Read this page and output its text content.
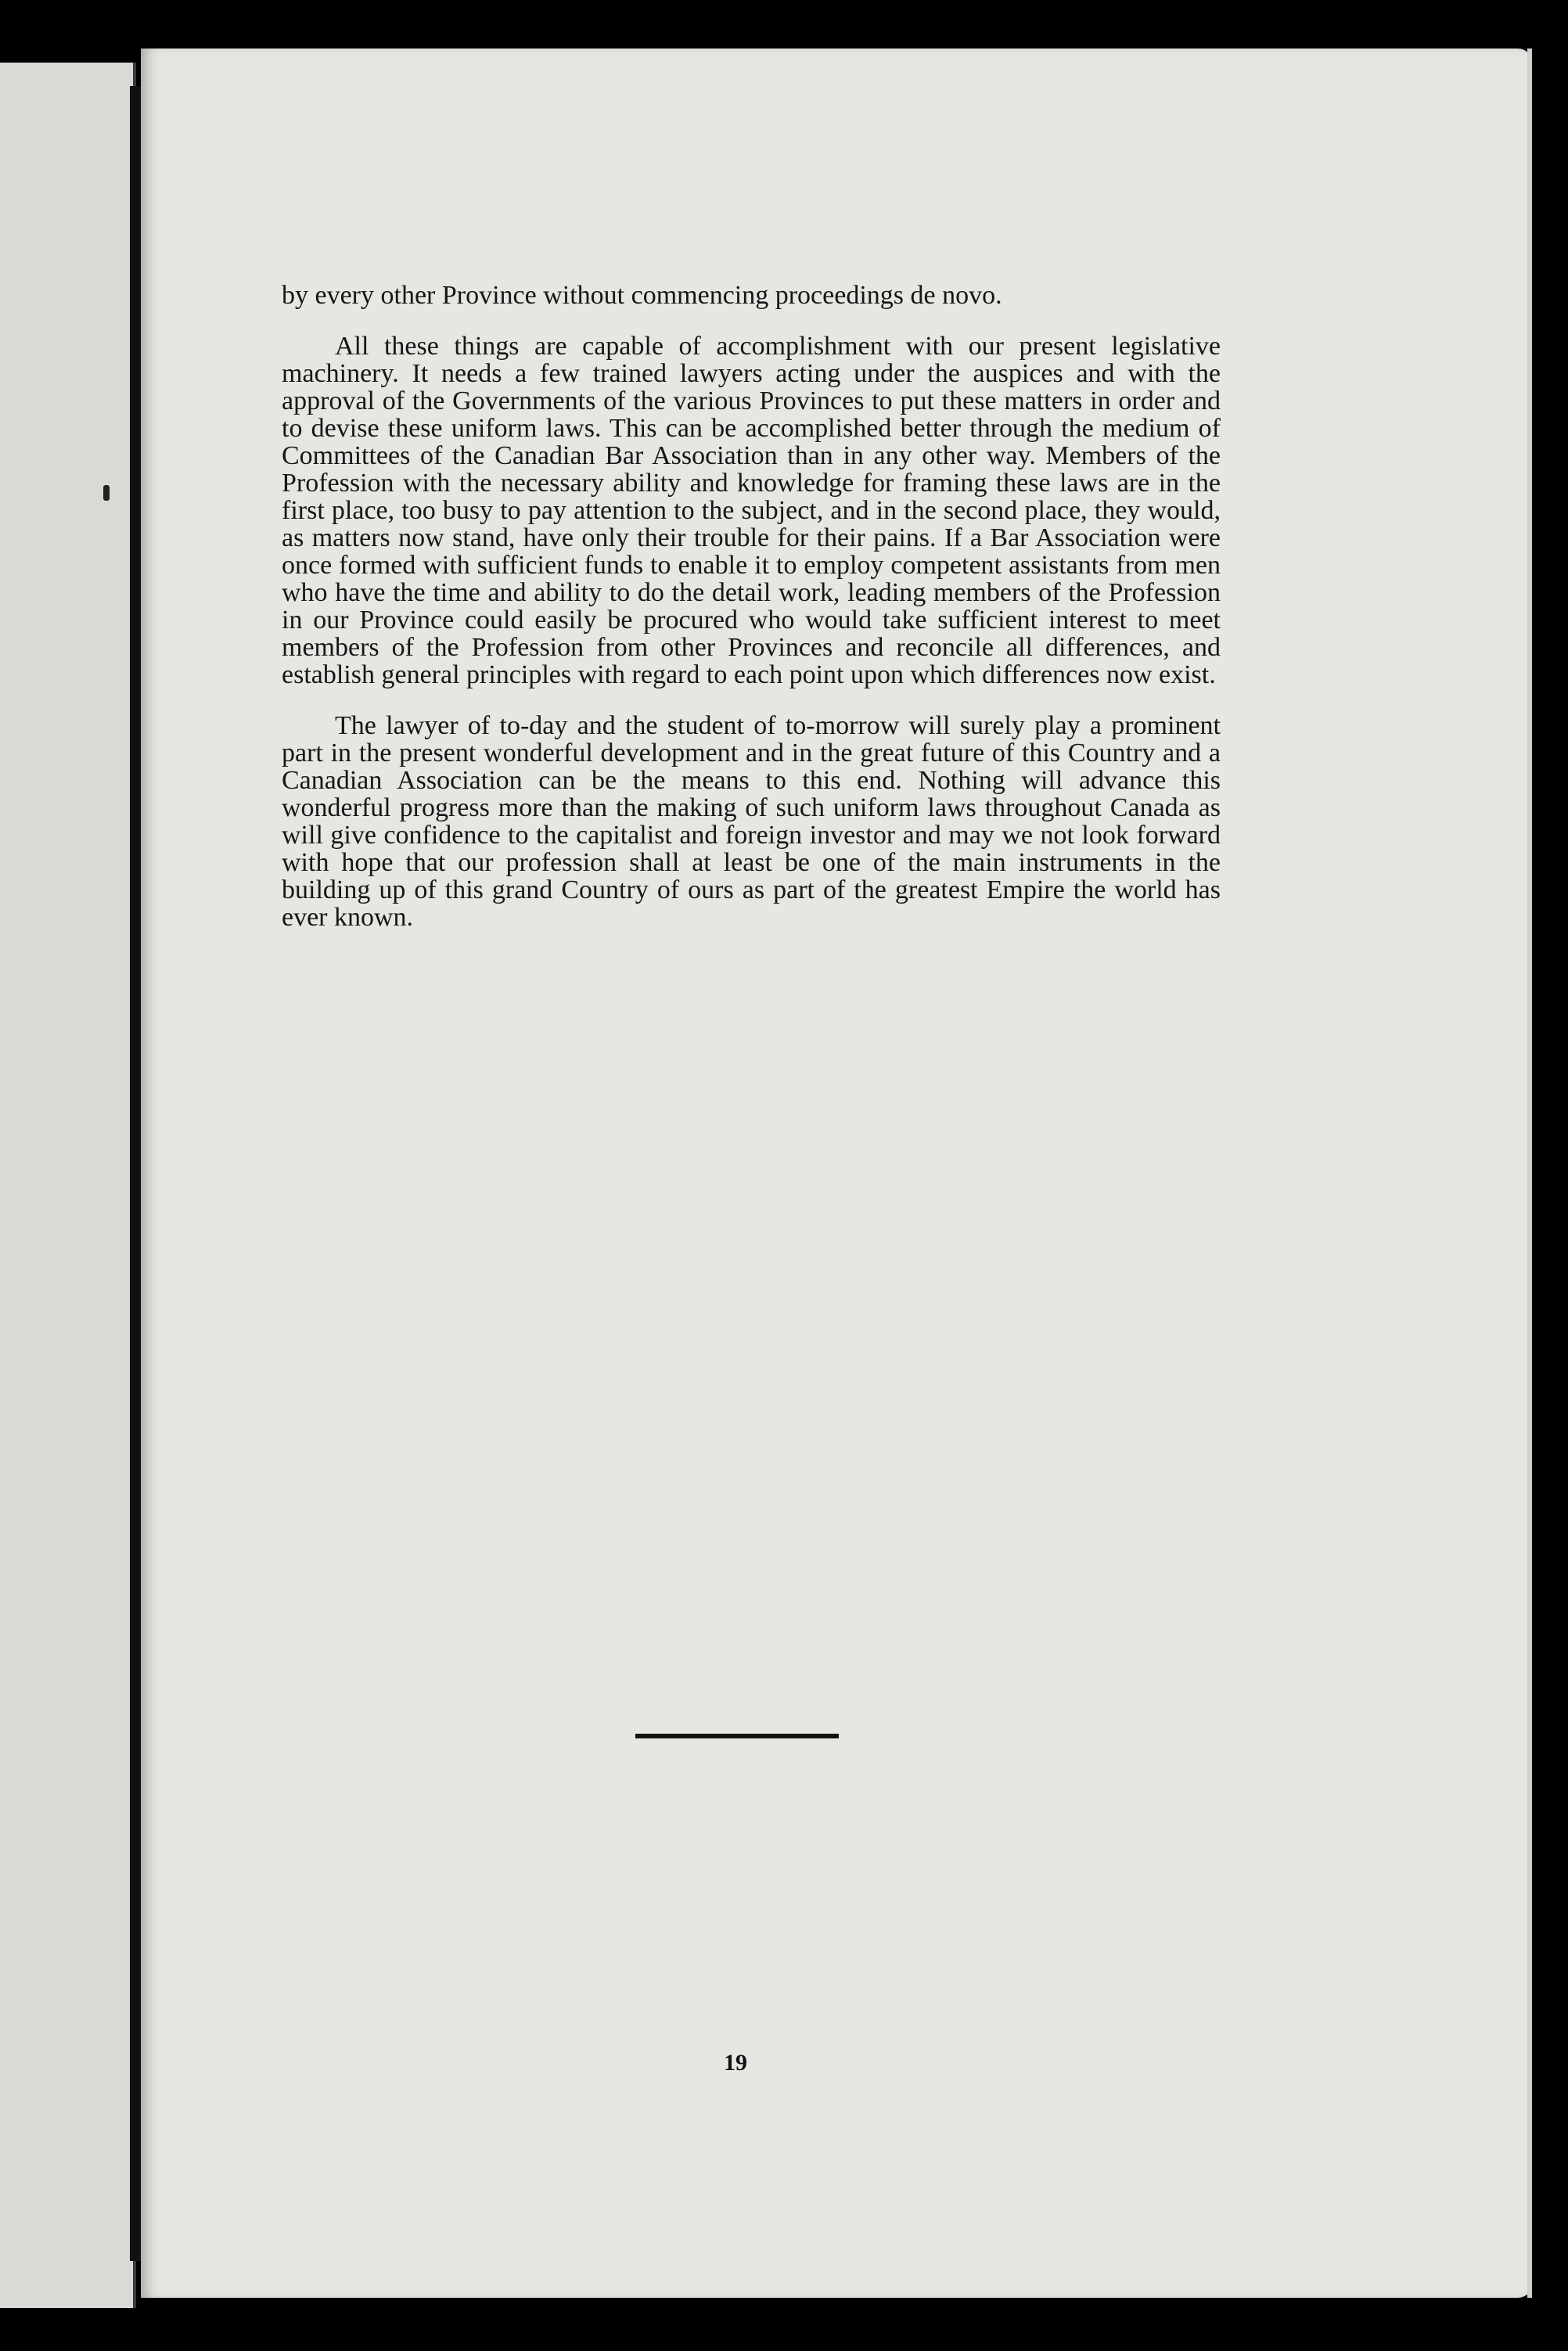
by every other Province without commencing proceedings de novo.

All these things are capable of accomplishment with our present legislative machinery. It needs a few trained lawyers acting under the auspices and with the approval of the Governments of the various Provinces to put these matters in order and to devise these uniform laws. This can be accomplished better through the medium of Committees of the Canadian Bar Association than in any other way. Members of the Profession with the necessary ability and knowledge for framing these laws are in the first place, too busy to pay attention to the subject, and in the second place, they would, as matters now stand, have only their trouble for their pains. If a Bar Association were once formed with sufficient funds to enable it to employ competent assistants from men who have the time and ability to do the detail work, leading members of the Profession in our Province could easily be procured who would take sufficient interest to meet members of the Profession from other Provinces and reconcile all differences, and establish general principles with regard to each point upon which differences now exist.

The lawyer of to-day and the student of to-morrow will surely play a prominent part in the present wonderful development and in the great future of this Country and a Canadian Association can be the means to this end. Nothing will advance this wonderful progress more than the making of such uniform laws throughout Canada as will give confidence to the capitalist and foreign investor and may we not look forward with hope that our profession shall at least be one of the main instruments in the building up of this grand Country of ours as part of the greatest Empire the world has ever known.

19
